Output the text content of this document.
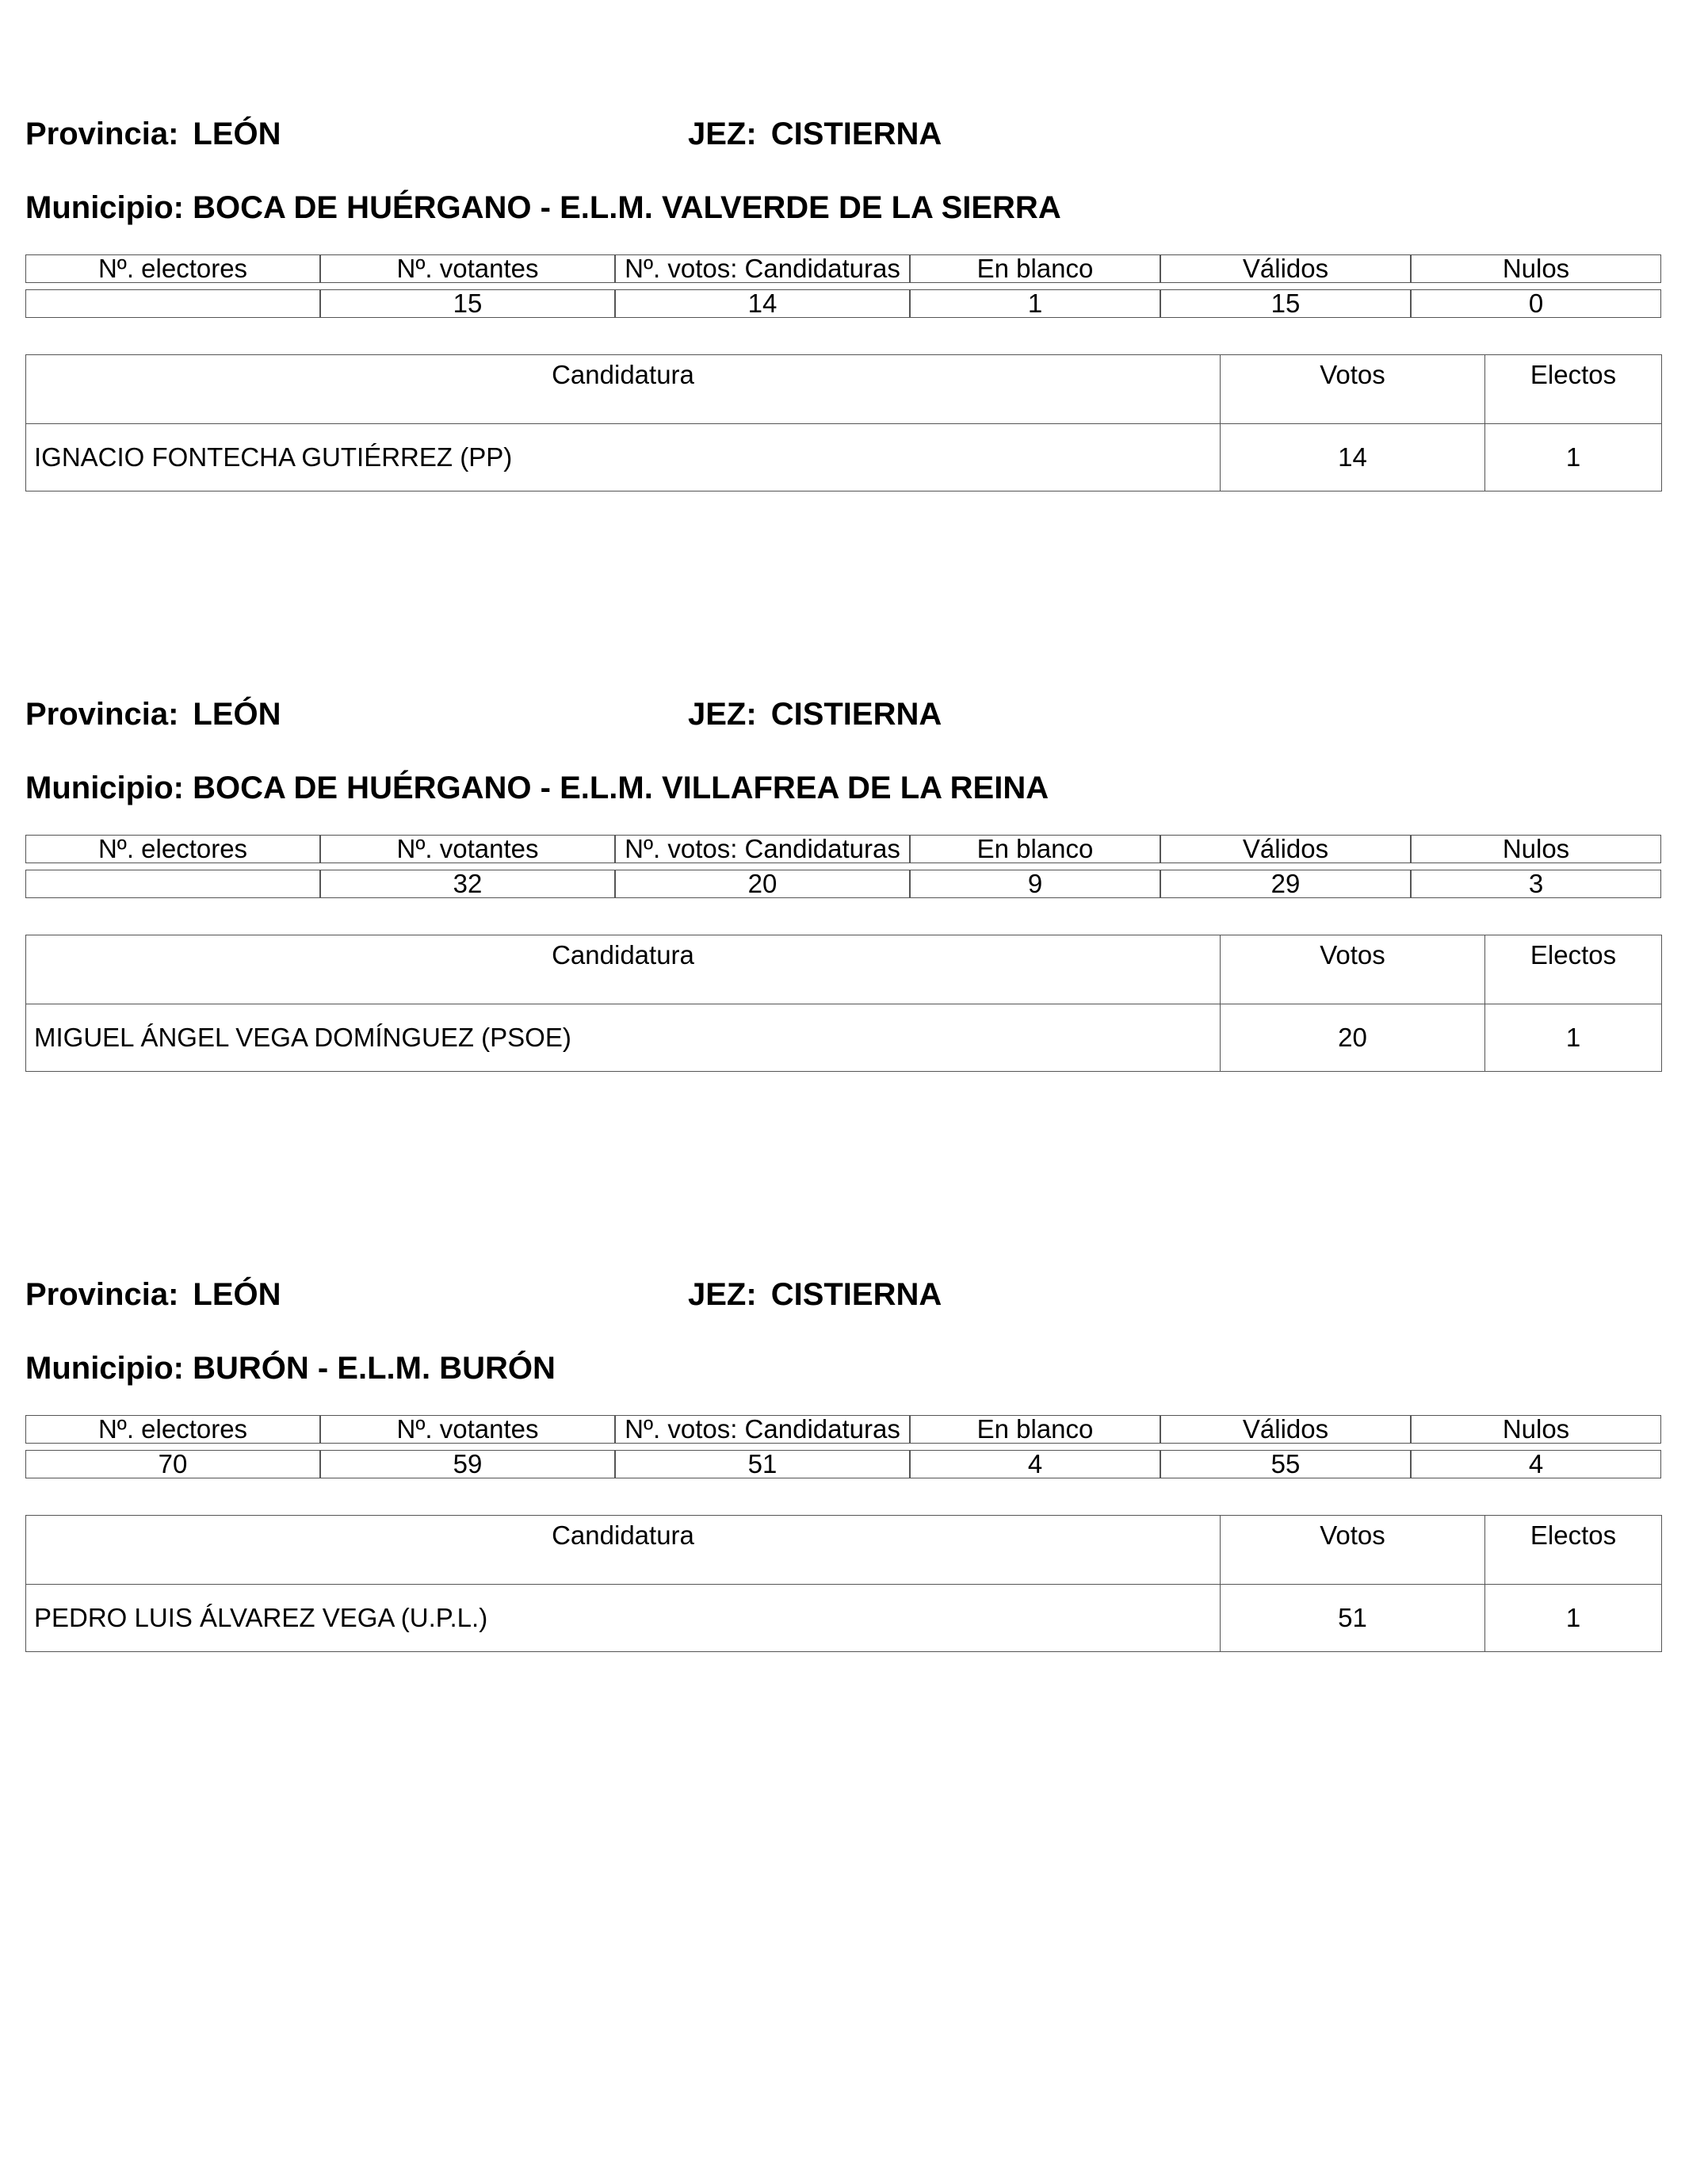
Provincia: LEÓN	JEZ: CISTIERNA
Municipio: BOCA DE HUÉRGANO - E.L.M. VALVERDE DE LA SIERRA
Nº. electores	Nº. votantes	Nº. votos: Candidaturas	En blanco	Válidos	Nulos

	15	14	1	15	0
Candidatura	Votos	Electos
IGNACIO FONTECHA GUTIÉRREZ (PP)	14	1
Provincia: LEÓN	JEZ: CISTIERNA
Municipio: BOCA DE HUÉRGANO - E.L.M. VILLAFREA DE LA REINA
Nº. electores	Nº. votantes	Nº. votos: Candidaturas	En blanco	Válidos	Nulos

	32	20	9	29	3
Candidatura	Votos	Electos
MIGUEL ÁNGEL VEGA DOMÍNGUEZ (PSOE)	20	1
Provincia: LEÓN	JEZ: CISTIERNA
Municipio: BURÓN - E.L.M. BURÓN
Nº. electores	Nº. votantes	Nº. votos: Candidaturas	En blanco	Válidos	Nulos

70	59	51	4	55	4
Candidatura	Votos	Electos
PEDRO LUIS ÁLVAREZ VEGA (U.P.L.)	51	1
